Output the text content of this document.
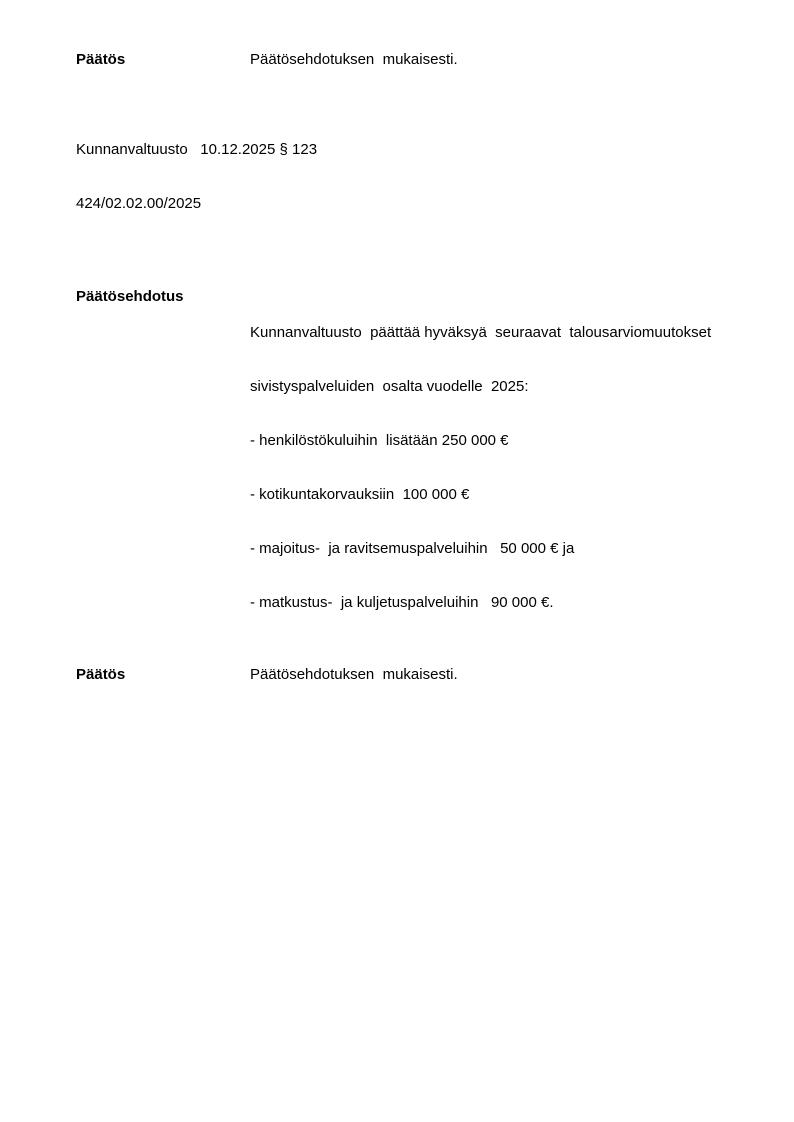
Päätös	Päätösehdotuksen  mukaisesti.

Kunnanvaltuusto   10.12.2025 § 123

424/02.02.00/2025

Päätösehdotus

Kunnanvaltuusto  päättää hyväksyä  seuraavat  talousarviomuutokset

sivistyspalveluiden  osalta vuodelle  2025:

- henkilöstökuluihin  lisätään 250 000 €

- kotikuntakorvauksiin  100 000 €

- majoitus-  ja ravitsemuspalveluihin   50 000 € ja

- matkustus-  ja kuljetuspalveluihin   90 000 €.

Päätös	Päätösehdotuksen  mukaisesti.
